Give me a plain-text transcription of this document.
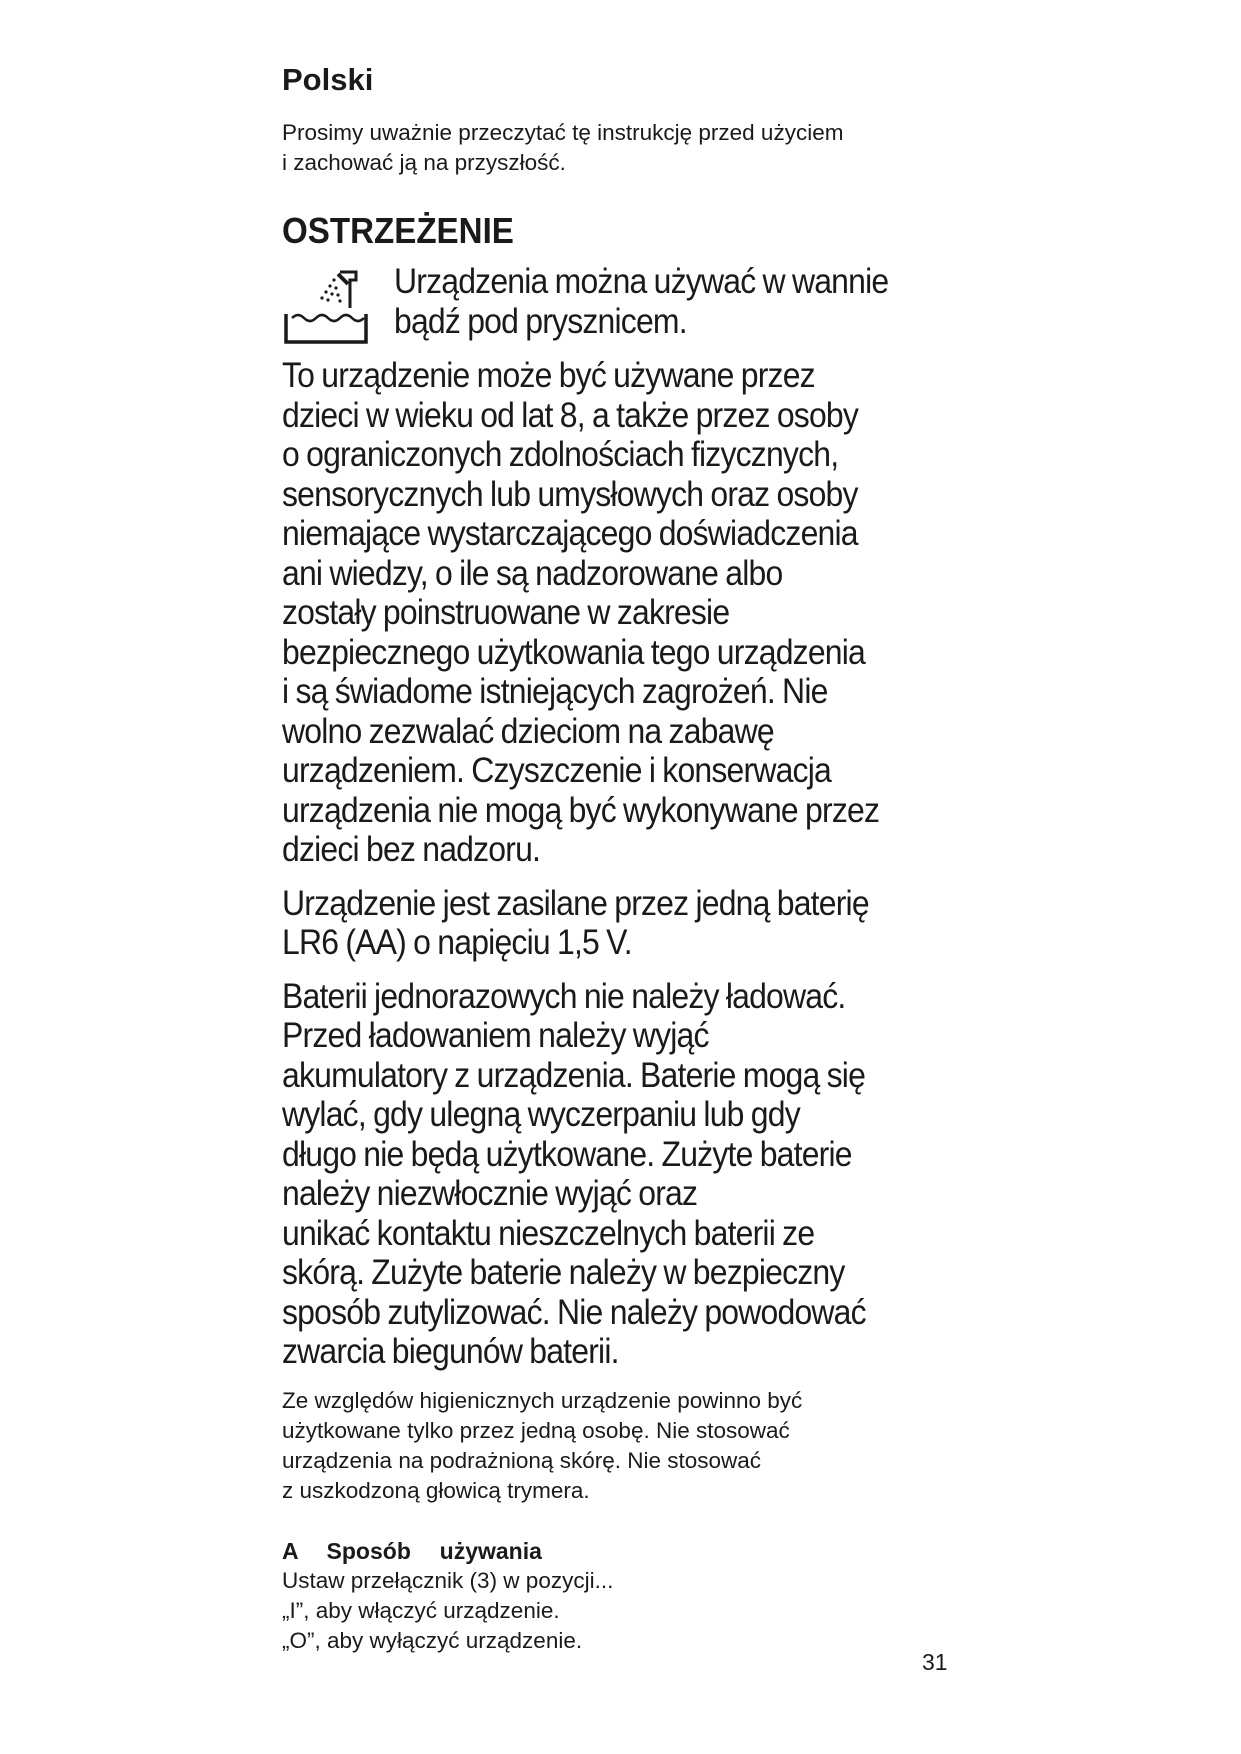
Polski

Prosimy uważnie przeczytać tę instrukcję przed użyciem
i zachować ją na przyszłość.

OSTRZEŻENIE

Urządzenia można używać w wannie
bądź pod prysznicem.

To urządzenie może być używane przez
dzieci w wieku od lat 8, a także przez osoby
o ograniczonych zdolnościach fizycznych,
sensorycznych lub umysłowych oraz osoby
niemające wystarczającego doświadczenia
ani wiedzy, o ile są nadzorowane albo
zostały poinstruowane w zakresie
bezpiecznego użytkowania tego urządzenia
i są świadome istniejących zagrożeń. Nie
wolno zezwalać dzieciom na zabawę
urządzeniem. Czyszczenie i konserwacja
urządzenia nie mogą być wykonywane przez
dzieci bez nadzoru.

Urządzenie jest zasilane przez jedną baterię
LR6 (AA) o napięciu 1,5 V.

Baterii jednorazowych nie należy ładować.
Przed ładowaniem należy wyjąć
akumulatory z urządzenia. Baterie mogą się
wylać, gdy ulegną wyczerpaniu lub gdy
długo nie będą użytkowane. Zużyte baterie
należy niezwłocznie wyjąć oraz
unikać kontaktu nieszczelnych baterii ze
skórą. Zużyte baterie należy w bezpieczny
sposób zutylizować. Nie należy powodować
zwarcia biegunów baterii.

Ze względów higienicznych urządzenie powinno być
użytkowane tylko przez jedną osobę. Nie stosować
urządzenia na podrażnioną skórę. Nie stosować
z uszkodzoną głowicą trymera.

A  Sposób  używania

Ustaw przełącznik (3) w pozycji...
„I”, aby włączyć urządzenie.
„O”, aby wyłączyć urządzenie.

31
